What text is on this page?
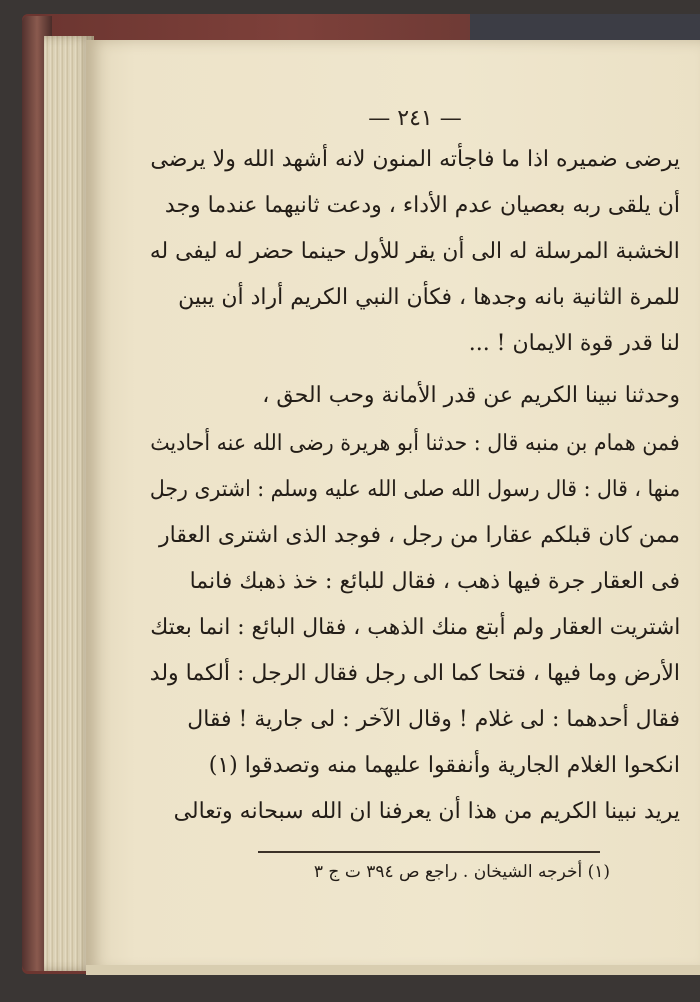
— ٢٤١ —
يرضى ضميره اذا ما فاجأته المنون لانه أشهد الله ولا يرضى
أن يلقى ربه بعصيان عدم الأداء ، ودعت ثانيهما عندما وجد
الخشبة المرسلة له الى أن يقر للأول حينما حضر له ليفى له
للمرة الثانية بانه وجدها ، فكأن النبي الكريم أراد أن يبين
لنا قدر قوة الايمان ! ...
وحدثنا نبينا الكريم عن قدر الأمانة وحب الحق ،
فمن همام بن منبه قال : حدثنا أبو هريرة رضى الله عنه أحاديث
منها ، قال : قال رسول الله صلى الله عليه وسلم : اشترى رجل
ممن كان قبلكم عقارا من رجل ، فوجد الذى اشترى العقار
فى العقار جرة فيها ذهب ، فقال للبائع : خذ ذهبك فانما
اشتريت العقار ولم أبتع منك الذهب ، فقال البائع : انما بعتك
الأرض وما فيها ، فتحا كما الى رجل فقال الرجل : ألكما ولد
فقال أحدهما : لى غلام ! وقال الآخر : لى جارية ! فقال
انكحوا الغلام الجارية وأنفقوا عليهما منه وتصدقوا (١)
يريد نبينا الكريم من هذا أن يعرفنا ان الله سبحانه وتعالى
(١) أخرجه الشيخان . راجع ص ٣٩٤ ت ج ٣
